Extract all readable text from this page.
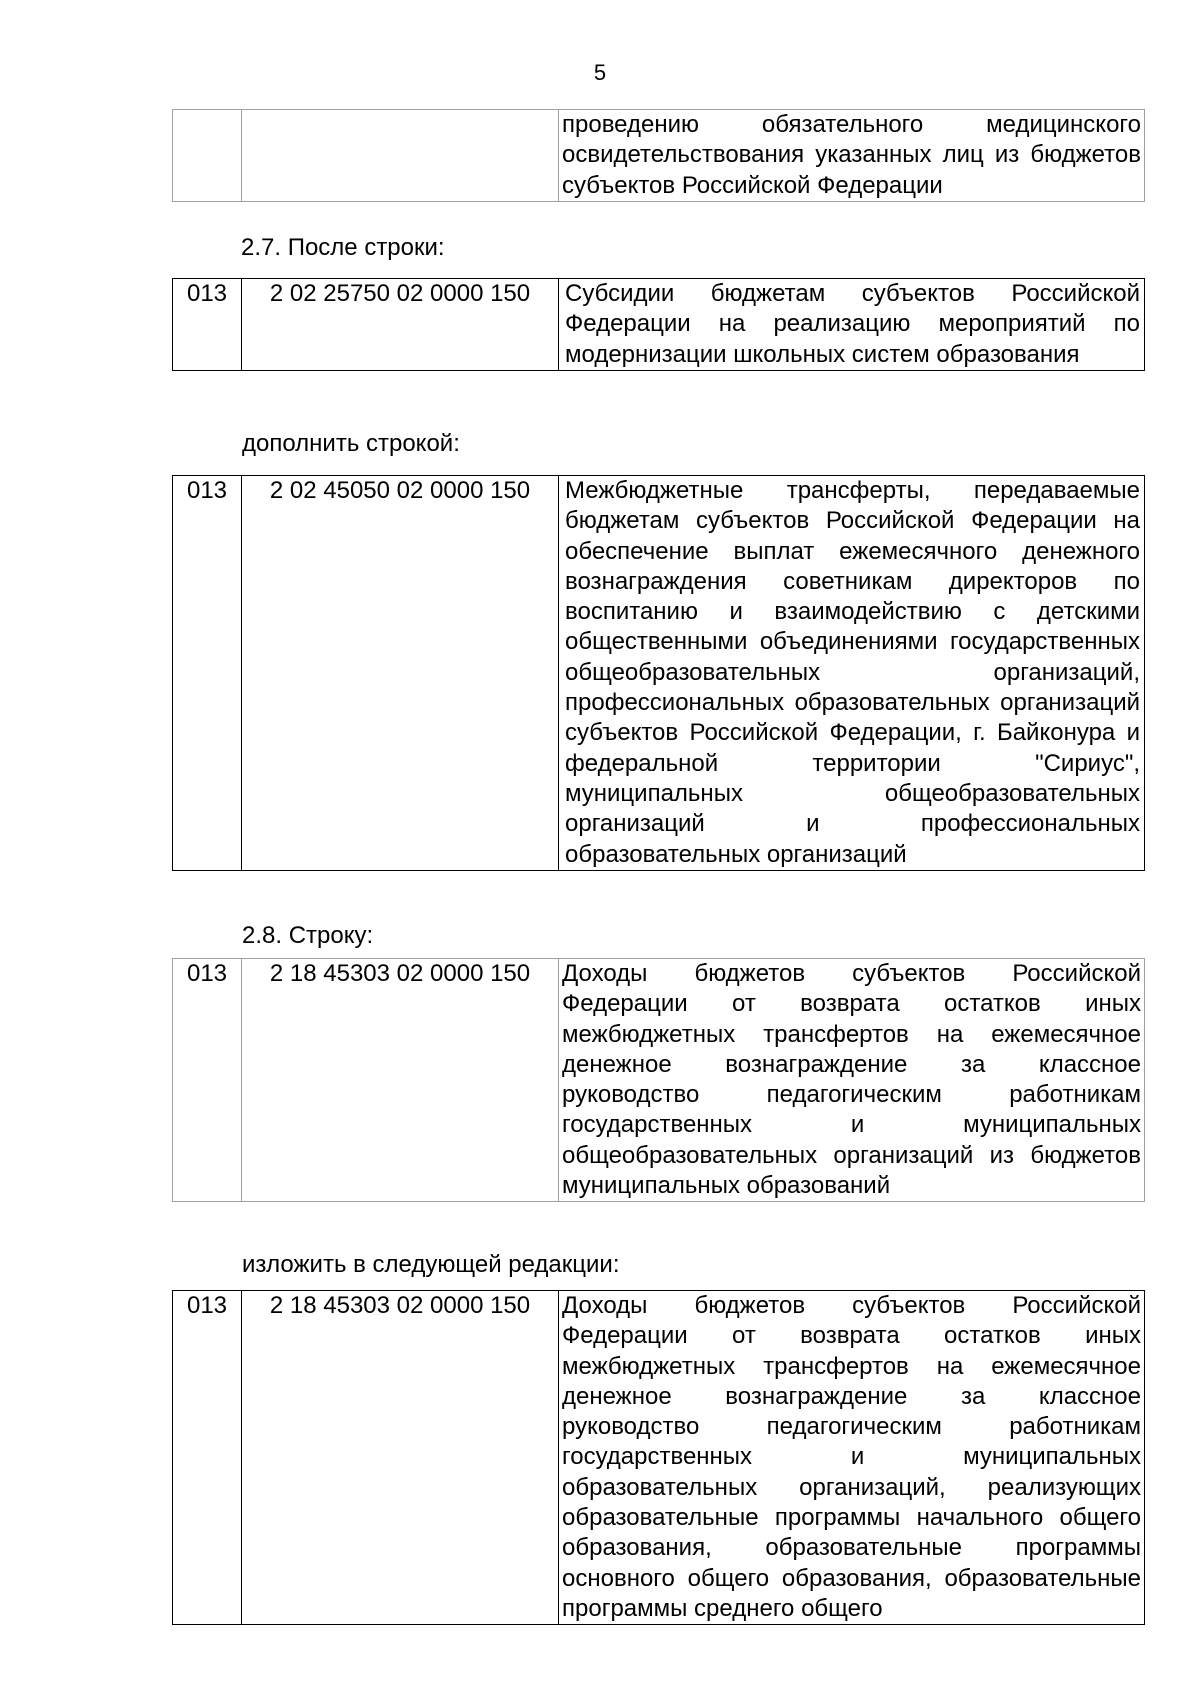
5

проведению обязательного медицинского освидетельствования указанных лиц из бюджетов субъектов Российской Федерации
2.7. После строки:
013	2 02 25750 02 0000 150	Субсидии бюджетам субъектов Российской Федерации на реализацию мероприятий по модернизации школьных систем образования
дополнить строкой:
013	2 02 45050 02 0000 150	Межбюджетные трансферты, передаваемые бюджетам субъектов Российской Федерации на обеспечение выплат ежемесячного денежного вознаграждения советникам директоров по воспитанию и взаимодействию с детскими общественными объединениями государственных общеобразовательных организаций, профессиональных образовательных организаций субъектов Российской Федерации, г. Байконура и федеральной территории "Сириус", муниципальных общеобразовательных организаций и профессиональных образовательных организаций
2.8. Строку:
013	2 18 45303 02 0000 150	Доходы бюджетов субъектов Российской Федерации от возврата остатков иных межбюджетных трансфертов на ежемесячное денежное вознаграждение за классное руководство педагогическим работникам государственных и муниципальных общеобразовательных организаций из бюджетов муниципальных образований
изложить в следующей редакции:
013	2 18 45303 02 0000 150	Доходы бюджетов субъектов Российской Федерации от возврата остатков иных межбюджетных трансфертов на ежемесячное денежное вознаграждение за классное руководство педагогическим работникам государственных и муниципальных образовательных организаций, реализующих образовательные программы начального общего образования, образовательные программы основного общего образования, образовательные программы среднего общего
